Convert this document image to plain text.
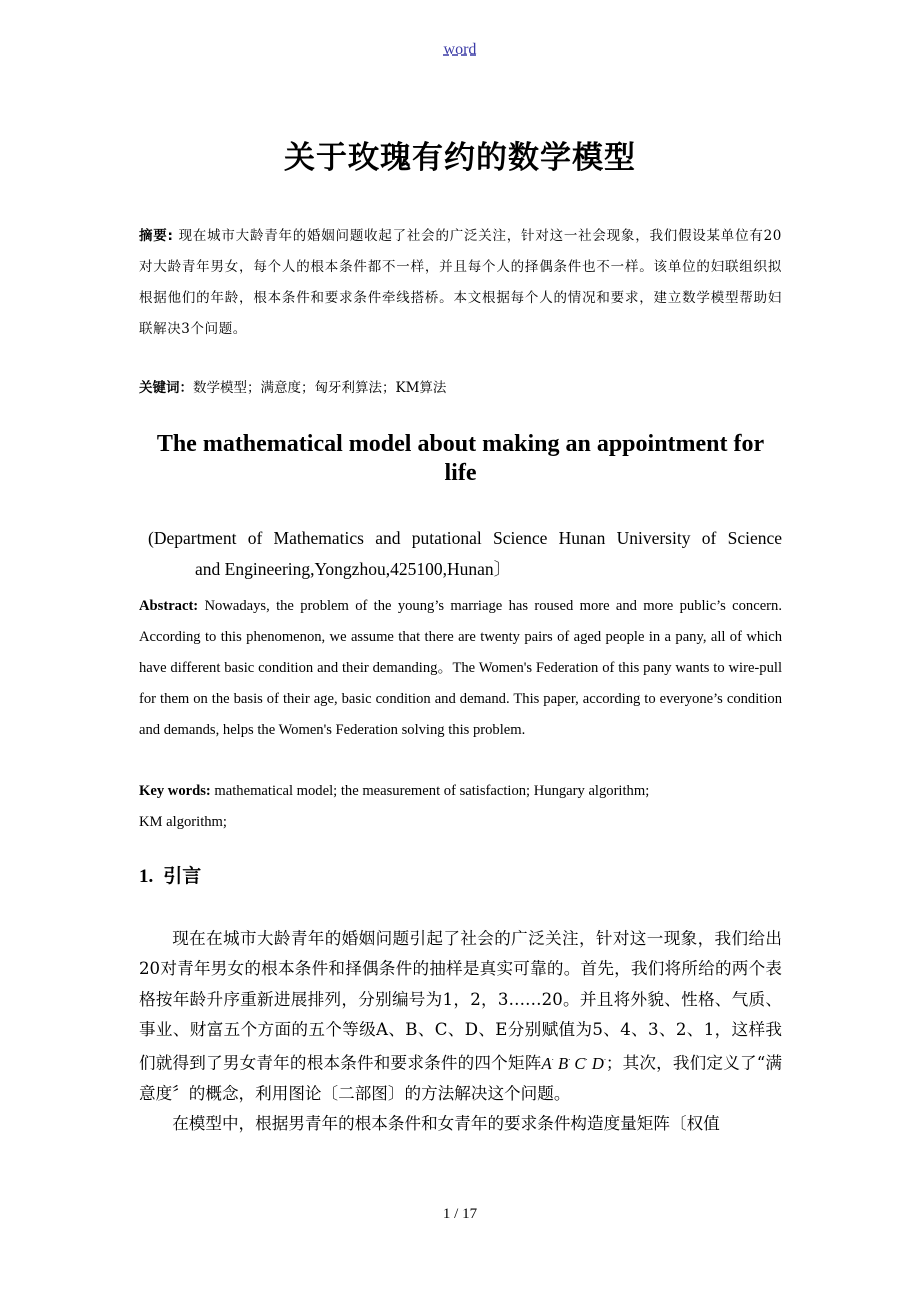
word
关于玫瑰有约的数学模型
摘要: 现在城市大龄青年的婚姻问题收起了社会的广泛关注，针对这一社会现象，我们假设某单位有20对大龄青年男女，每个人的根本条件都不一样，并且每个人的择偶条件也不一样。该单位的妇联组织拟根据他们的年龄，根本条件和要求条件牵线搭桥。本文根据每个人的情况和要求，建立数学模型帮助妇联解决3个问题。
关键词：数学模型；满意度；匈牙利算法；KM算法
The mathematical model about making an appointment for life
(Department of Mathematics and putational Science Hunan University of Science
and Engineering,Yongzhou,425100,Hunan〕
Abstract: Nowadays, the problem of the young’s marriage has roused more and more public’s concern. According to this phenomenon, we assume that there are twenty pairs of aged people in a pany, all of which have different basic condition and their demanding。The Women's Federation of this pany wants to wire-pull for them on the basis of their age, basic condition and demand. This paper, according to everyone’s condition and demands, helps the Women's Federation solving this problem.
Key words: mathematical model; the measurement of satisfaction; Hungary algorithm;
KM algorithm;
1. 引言

现在在城市大龄青年的婚姻问题引起了社会的广泛关注，针对这一现象，我们给出20对青年男女的根本条件和择偶条件的抽样是真实可靠的。首先，我们将所给的两个表格按年龄升序重新进展排列，分别编号为1，2，3……20。并且将外貌、性格、气质、事业、财富五个方面的五个等级A、B、C、D、E分别赋值为5、4、3、2、1，这样我们就得到了男女青年的根本条件和要求条件的四个矩阵A· B· C· D·；其次，我们定义了“满意度〞的概念，利用图论〔二部图〕的方法解决这个问题。

在模型中，根据男青年的根本条件和女青年的要求条件构造度量矩阵〔权值

1 / 17
